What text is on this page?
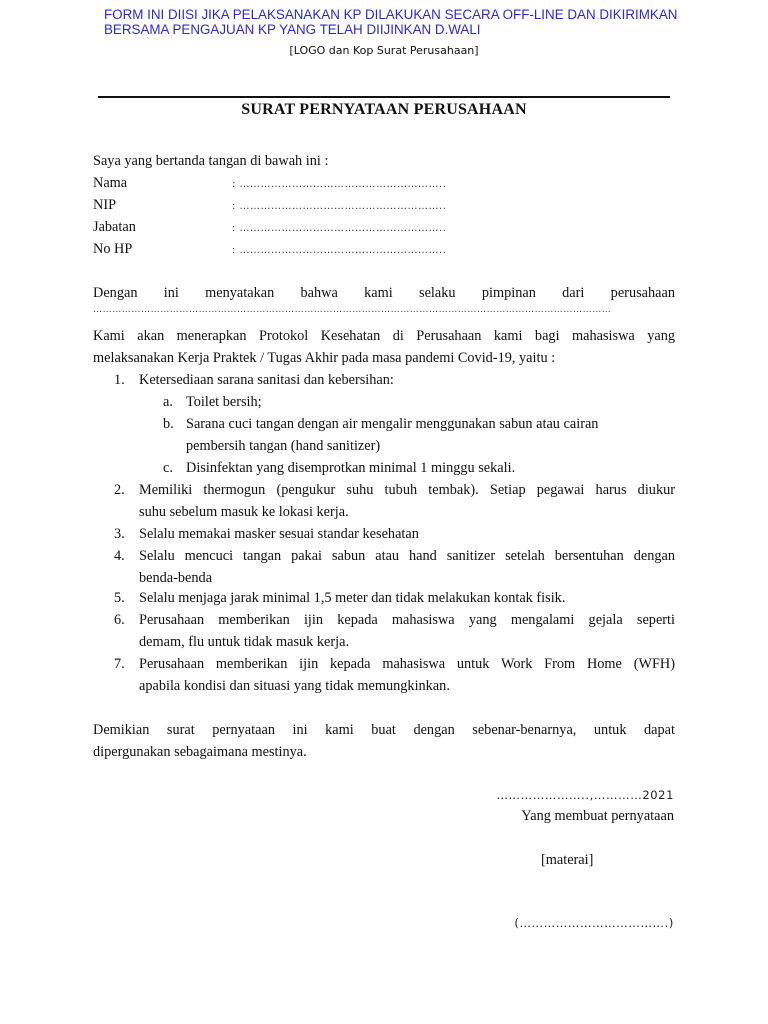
FORM INI DIISI JIKA PELAKSANAKAN KP DILAKUKAN SECARA OFF-LINE DAN DIKIRIMKAN
BERSAMA PENGAJUAN KP YANG TELAH DIIJINKAN D.WALI
[LOGO dan Kop Surat Perusahaan]
SURAT PERNYATAAN PERUSAHAAN
Saya yang bertanda tangan di bawah ini :
Nama	: …………………………………………………..
NIP	: …………………………………………………..
Jabatan	: …………………………………………………..
No HP	: …………………………………………………..
Dengan ini menyatakan bahwa kami selaku pimpinan dari perusahaan
………………………………………………………………………………………………………………………………………………
Kami akan menerapkan Protokol Kesehatan di Perusahaan kami bagi mahasiswa yang
melaksanakan Kerja Praktek / Tugas Akhir pada masa pandemi Covid-19, yaitu :
1. Ketersediaan sarana sanitasi dan kebersihan:
a. Toilet bersih;
b. Sarana cuci tangan dengan air mengalir menggunakan sabun atau cairan
pembersih tangan (hand sanitizer)
c. Disinfektan yang disemprotkan minimal 1 minggu sekali.
2. Memiliki thermogun (pengukur suhu tubuh tembak). Setiap pegawai harus diukur
suhu sebelum masuk ke lokasi kerja.
3. Selalu memakai masker sesuai standar kesehatan
4. Selalu mencuci tangan pakai sabun atau hand sanitizer setelah bersentuhan dengan
benda-benda
5. Selalu menjaga jarak minimal 1,5 meter dan tidak melakukan kontak fisik.
6. Perusahaan memberikan ijin kepada mahasiswa yang mengalami gejala seperti
demam, flu untuk tidak masuk kerja.
7. Perusahaan memberikan ijin kepada mahasiswa untuk Work From Home (WFH)
apabila kondisi dan situasi yang tidak memungkinkan.
Demikian surat pernyataan ini kami buat dengan sebenar-benarnya, untuk dapat
dipergunakan sebagaimana mestinya.
…………………..,…………2021
Yang membuat pernyataan
[materai]
(……………………………….)
